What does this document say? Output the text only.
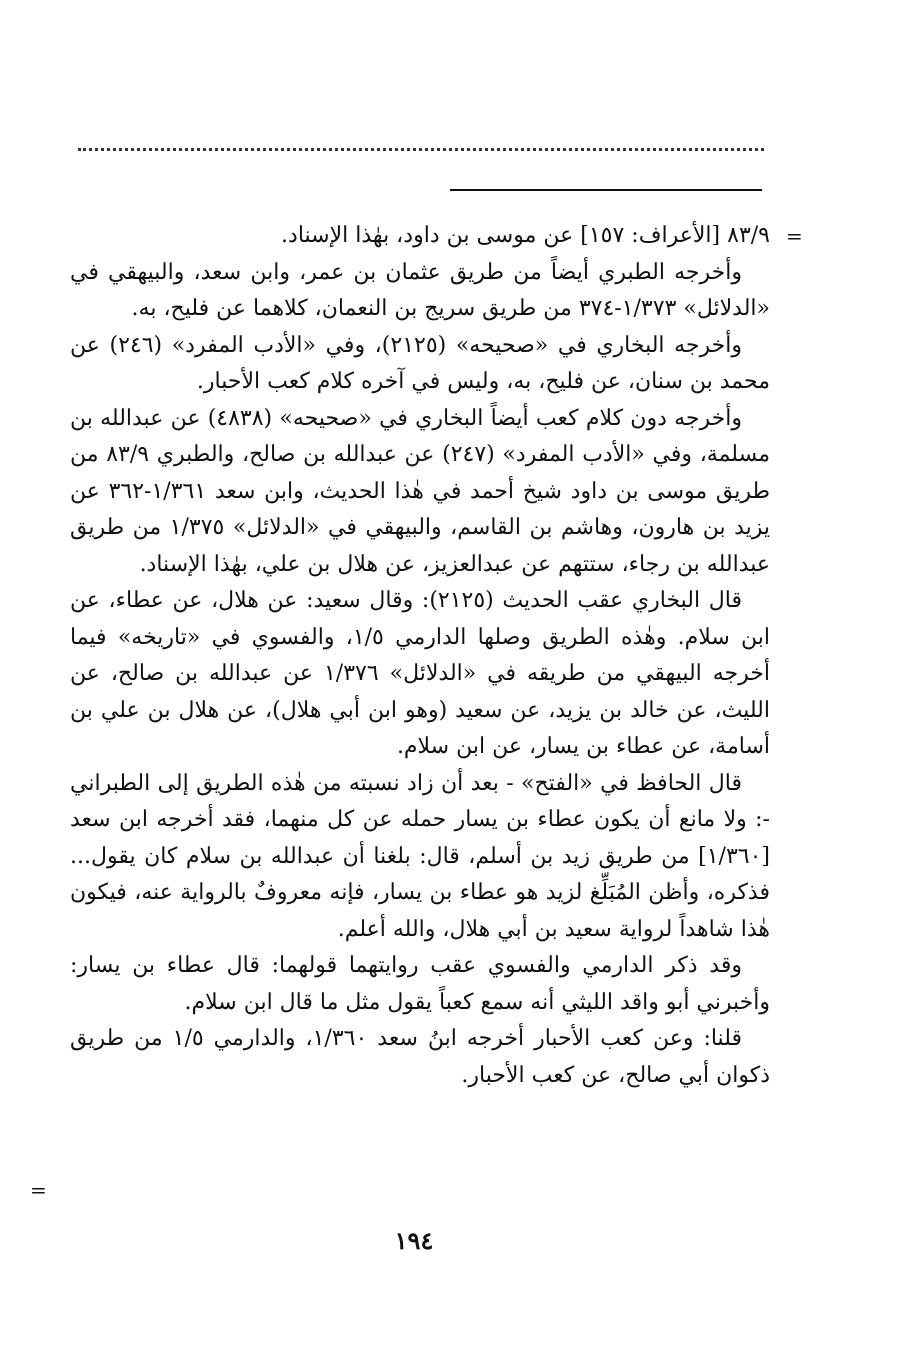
=
=

٨٣/٩ [الأعراف: ١٥٧] عن موسى بن داود، بهٰذا الإسناد.

وأخرجه الطبري أيضاً من طريق عثمان بن عمر، وابن سعد، والبيهقي في «الدلائل» ١/٣٧٣-٣٧٤ من طريق سريج بن النعمان، كلاهما عن فليح، به.

وأخرجه البخاري في «صحيحه» (٢١٢٥)، وفي «الأدب المفرد» (٢٤٦) عن محمد بن سنان، عن فليح، به، وليس في آخره كلام كعب الأحبار.

وأخرجه دون كلام كعب أيضاً البخاري في «صحيحه» (٤٨٣٨) عن عبدالله بن مسلمة، وفي «الأدب المفرد» (٢٤٧) عن عبدالله بن صالح، والطبري ٨٣/٩ من طريق موسى بن داود شيخ أحمد في هٰذا الحديث، وابن سعد ١/٣٦١-٣٦٢ عن يزيد بن هارون، وهاشم بن القاسم، والبيهقي في «الدلائل» ١/٣٧٥ من طريق عبدالله بن رجاء، ستتهم عن عبدالعزيز، عن هلال بن علي، بهٰذا الإسناد.

قال البخاري عقب الحديث (٢١٢٥): وقال سعيد: عن هلال، عن عطاء، عن ابن سلام. وهٰذه الطريق وصلها الدارمي ١/٥، والفسوي في «تاريخه» فيما أخرجه البيهقي من طريقه في «الدلائل» ١/٣٧٦ عن عبدالله بن صالح، عن الليث، عن خالد بن يزيد، عن سعيد (وهو ابن أبي هلال)، عن هلال بن علي بن أسامة، عن عطاء بن يسار، عن ابن سلام.

قال الحافظ في «الفتح» - بعد أن زاد نسبته من هٰذه الطريق إلى الطبراني -: ولا مانع أن يكون عطاء بن يسار حمله عن كل منهما، فقد أخرجه ابن سعد [١/٣٦٠] من طريق زيد بن أسلم، قال: بلغنا أن عبدالله بن سلام كان يقول... فذكره، وأظن المُبَلِّغ لزيد هو عطاء بن يسار، فإنه معروفٌ بالرواية عنه، فيكون هٰذا شاهداً لرواية سعيد بن أبي هلال، والله أعلم.

وقد ذكر الدارمي والفسوي عقب روايتهما قولهما: قال عطاء بن يسار: وأخبرني أبو واقد الليثي أنه سمع كعباً يقول مثل ما قال ابن سلام.

قلنا: وعن كعب الأحبار أخرجه ابنُ سعد ١/٣٦٠، والدارمي ١/٥ من طريق ذكوان أبي صالح، عن كعب الأحبار.

١٩٤
